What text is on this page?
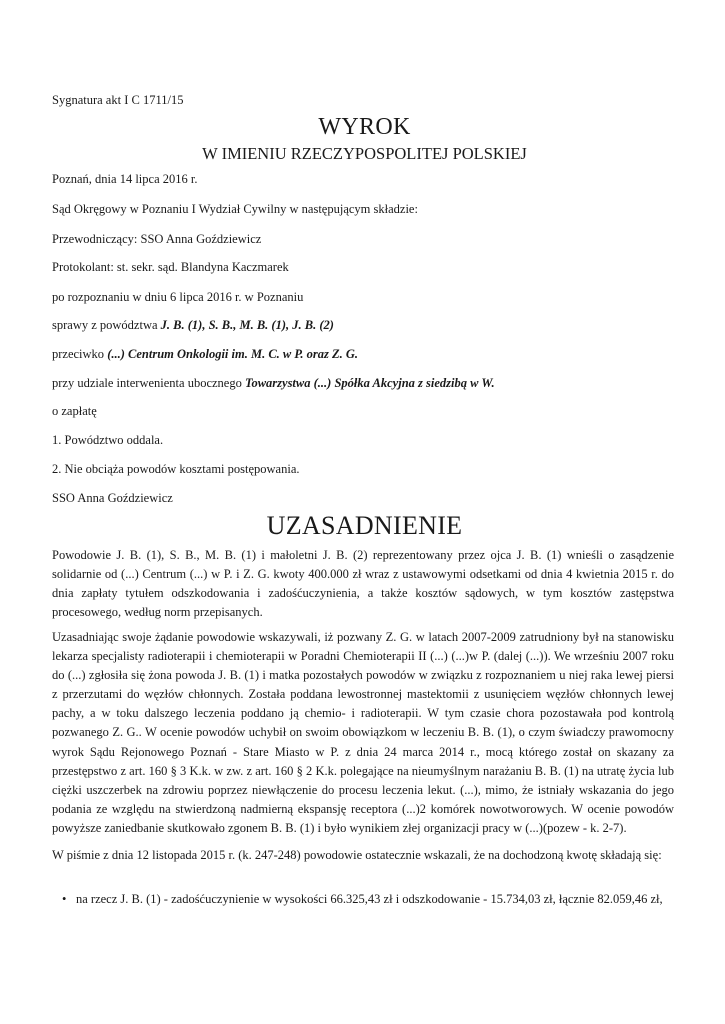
Sygnatura akt I C 1711/15
WYROK
W IMIENIU RZECZYPOSPOLITEJ POLSKIEJ
Poznań, dnia 14 lipca 2016 r.
Sąd Okręgowy w Poznaniu I Wydział Cywilny w następującym składzie:
Przewodniczący: SSO Anna Goździewicz
Protokolant: st. sekr. sąd. Blandyna Kaczmarek
po rozpoznaniu w dniu 6 lipca 2016 r. w Poznaniu
sprawy z powództwa J. B. (1), S. B., M. B. (1), J. B. (2)
przeciwko (...) Centrum Onkologii im. M. C. w P. oraz Z. G.
przy udziale interwenienta ubocznego Towarzystwa (...) Spółka Akcyjna z siedzibą w W.
o zapłatę
1. Powództwo oddala.
2. Nie obciąża powodów kosztami postępowania.
SSO Anna Goździewicz
UZASADNIENIE
Powodowie J. B. (1), S. B., M. B. (1) i małoletni J. B. (2) reprezentowany przez ojca J. B. (1) wnieśli o zasądzenie solidarnie od (...) Centrum (...) w P. i Z. G. kwoty 400.000 zł wraz z ustawowymi odsetkami od dnia 4 kwietnia 2015 r. do dnia zapłaty tytułem odszkodowania i zadośćuczynienia, a także kosztów sądowych, w tym kosztów zastępstwa procesowego, według norm przepisanych.
Uzasadniając swoje żądanie powodowie wskazywali, iż pozwany Z. G. w latach 2007-2009 zatrudniony był na stanowisku lekarza specjalisty radioterapii i chemioterapii w Poradni Chemioterapii II (...) (...)w P. (dalej (...)). We wrześniu 2007 roku do (...) zgłosiła się żona powoda J. B. (1) i matka pozostałych powodów w związku z rozpoznaniem u niej raka lewej piersi z przerzutami do węzłów chłonnych. Została poddana lewostronnej mastektomii z usunięciem węzłów chłonnych lewej pachy, a w toku dalszego leczenia poddano ją chemio- i radioterapii. W tym czasie chora pozostawała pod kontrolą pozwanego Z. G.. W ocenie powodów uchybił on swoim obowiązkom w leczeniu B. B. (1), o czym świadczy prawomocny wyrok Sądu Rejonowego Poznań - Stare Miasto w P. z dnia 24 marca 2014 r., mocą którego został on skazany za przestępstwo z art. 160 § 3 K.k. w zw. z art. 160 § 2 K.k. polegające na nieumyślnym narażaniu B. B. (1) na utratę życia lub ciężki uszczerbek na zdrowiu poprzez niewłączenie do procesu leczenia lekut. (...), mimo, że istniały wskazania do jego podania ze względu na stwierdzoną nadmierną ekspansję receptora (...)2 komórek nowotworowych. W ocenie powodów powyższe zaniedbanie skutkowało zgonem B. B. (1) i było wynikiem złej organizacji pracy w (...)(pozew - k. 2-7).
W piśmie z dnia 12 listopada 2015 r. (k. 247-248) powodowie ostatecznie wskazali, że na dochodzoną kwotę składają się:
• na rzecz J. B. (1) - zadośćuczynienie w wysokości 66.325,43 zł i odszkodowanie - 15.734,03 zł, łącznie 82.059,46 zł,
